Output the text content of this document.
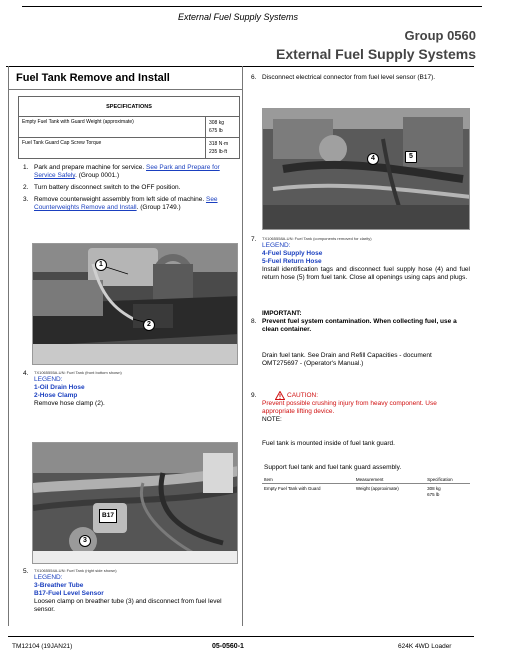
External Fuel Supply Systems
Group 0560
External Fuel Supply Systems
Fuel Tank Remove and Install
SPECIFICATIONS	
Empty Fuel Tank with Guard Weight (approximate)	308 kg
675 lb

Fuel Tank Guard Cap Screw Torque	318 N·m
235 lb·ft
1. Park and prepare machine for service. See Park and Prepare for Service Safely. (Group 0001.)
2. Turn battery disconnect switch to the OFF position.
3. Remove counterweight assembly from left side of machine. See Counterweights Remove and Install. (Group 1749.)
1
2
4. TX1065555A-UN: Fuel Tank (front bottom shown)
LEGEND:
1-Oil Drain Hose
2-Hose Clamp
Remove hose clamp (2).
B17
3
5. TX1065554A-UN: Fuel Tank (right side shown)
LEGEND:
3-Breather Tube
B17-Fuel Level Sensor
Loosen clamp on breather tube (3) and disconnect from fuel level sensor.
6. Disconnect electrical connector from fuel level sensor (B17).
4	5
7. TX1065558A-UN: Fuel Tank (components removed for clarity)
LEGEND:
4-Fuel Supply Hose
5-Fuel Return Hose
Install identification tags and disconnect fuel supply hose (4) and fuel return hose (5) from fuel tank. Close all openings using caps and plugs.
IMPORTANT:
8. Prevent fuel system contamination. When collecting fuel, use a clean container.
Drain fuel tank. See Drain and Refill Capacities - document OMT275697 - (Operator's Manual.)
9.	CAUTION:
Prevent possible crushing injury from heavy component. Use appropriate lifting device.
NOTE:
Fuel tank is mounted inside of fuel tank guard.
Support fuel tank and fuel tank guard assembly.
Item	Measurement	Specification
Empty Fuel Tank with Guard	Weight (approximate)	308 kg
675 lb
TM12104 (19JAN21)	05-0560-1	624K 4WD Loader
